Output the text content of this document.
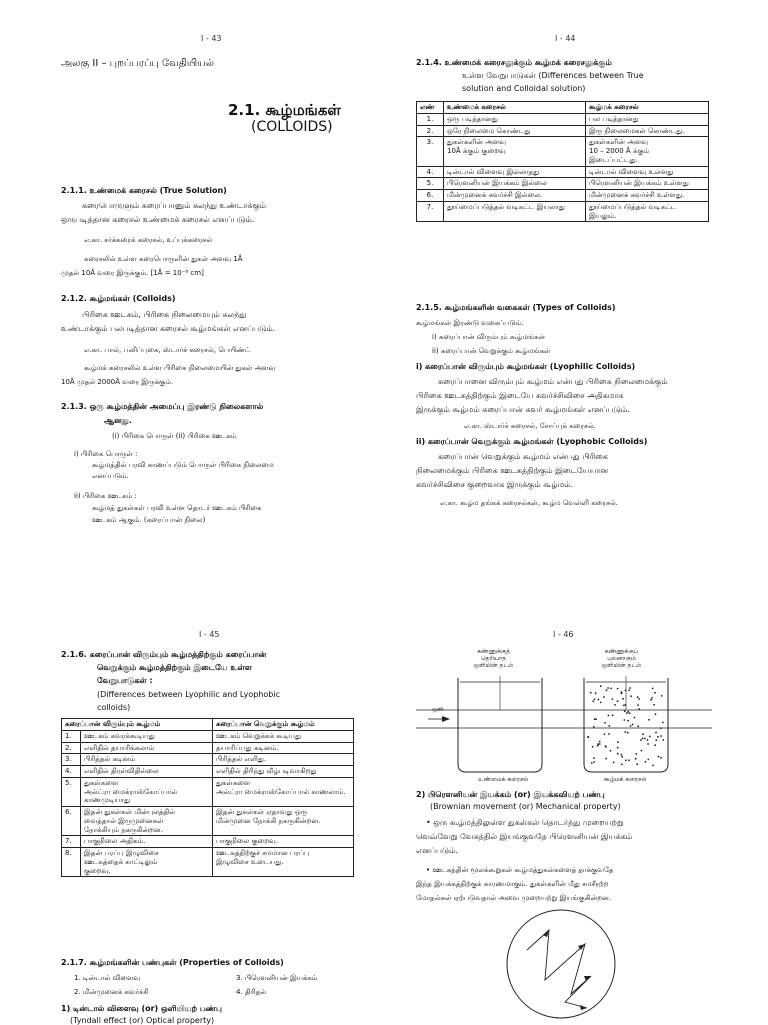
I - 43
அலகு II – புறப்பரப்பு வேதியியல்
2.1. கூழ்மங்கள்
(COLLOIDS)
2.1.1. உண்மைக் கரைசல் (True Solution)
கரைபொருளும் கரைப்பானும் கலந்து உண்டாக்கும்
ஒருபடித்தான கரைசல் உண்மைக் கரைசல் எனப்படும்.
எ.கா. சர்க்கரைக் கரைசல், உப்புக்கரைசல்
கரைசலில் உள்ள கரைபொருளின் துகள் அளவு 1Å
முதல் 10Å வரை இருக்கும். [1Å = 10⁻⁸ cm]
2.1.2. கூழ்மங்கள் (Colloids)
பிரிகை ஊடகம், பிரிகை நிலைமையும் கலந்து
உண்டாக்கும் பலபடித்தான கரைசல் கூழ்மங்கள் எனப்படும்.
எ.கா. பால், பனிப்புகை, ஸ்டார்ச் கரைசல், பெயிண்ட்
கூழ்மக் கரைசலில் உள்ள பிரிகை நிலைமையின் துகள் அளவு
10Å முதல் 2000Å வரை இருக்கும்.
2.1.3. ஒரு கூழ்மத்தின் அமைப்பு இரண்டு நிலைகளால்
ஆனது.
(i) பிரிகை பொருள் (ii) பிரிகை ஊடகம்
i) பிரிகை பொருள் :
கூழ்மத்தில் பரவி காணப்படும் பொருள் பிரிகை நிலைமை
எனப்படும்.
ii) பிரிகை ஊடகம் :
கூழ்மத் துகள்கள் பரவி உள்ள தொடர் ஊடகம் பிரிகை
ஊடகம் ஆகும். (கரைப்பான் நிலை)
I - 44
2.1.4. உண்மைக் கரைசலுக்கும் கூழ்மக் கரைசலுக்கும்
உள்ள வேறுபாடுகள் (Differences between True
solution and Colloidal solution)
எண்	உண்மைக் கரைசல்	கூழ்மக் கரைசல்
1.	ஒரு படித்தானது	பல படித்தானது
2.	ஒரே நிலைமை கொண்டது	இரு நிலைமைகள் கொண்டது.
3.	துகள்களின் அளவு
10Å க்கும் குறைவு	துகள்களின் அளவு
10 – 2000 Å க்கும்
இடைப்பட்டது.
4.	டின்டால் விளைவு இல்லாதது	டின்டால் விளைவு உள்ளது
5.	பிரௌனியன் இயக்கம் இல்லை	பிரௌனியன் இயக்கம் உள்ளது
6.	மின்முனைக் கவர்ச்சி இல்லை.	மின்முனைக் கவர்ச்சி உள்ளது.
7.	தூய்மைப்படுத்தல் வடிகட்ட இயலாது	தூய்மைப்படுத்தல் வடிகட்ட இயலும்.
2.1.5. கூழ்மங்களின் வகைகள் (Types of Colloids)
கூழ்மங்கள் இரண்டு வகைப்படும்.
i) கரைப்பான் விரும்பும் கூழ்மங்கள்
ii) கரைப்பான் வெறுக்கும் கூழ்மங்கள்
i) கரைப்பான் விரும்பும் கூழ்மங்கள் (Lyophilic Colloids)
கரைப்பானை விரும்பும் கூழ்மம் என்பது பிரிகை நிலைமைக்கும்
பிரிகை ஊடகத்திற்கும் இடையே கவர்ச்சிவிசை அதிகமாக
இருக்கும் கூழ்மம் கரைப்பான் கவர் கூழ்மங்கள் எனப்படும்.
எ.கா. ஸ்டார்ச் கரைசல், சோப்புக் கரைசல்.
ii) கரைப்பான் வெறுக்கும் கூழ்மங்கள் (Lyophobic Colloids)
கரைப்பான் வெறுக்கும் கூழ்மம் என்பது பிரிகை
நிலைமைக்கும் பிரிகை ஊடகத்திற்கும் இடையேயான
கவர்ச்சிவிசை குறைவாக இருக்கும் கூழ்மம்.
எ.கா. கூழ்ம தங்கக் கரைசல்கள், கூழ்ம வெள்ளி கரைசல்.
I - 45
2.1.6. கரைப்பான் விரும்பும் கூழ்மத்திற்கும் கரைப்பான்
வெறுக்கும் கூழ்மத்திற்கும் இடையே உள்ள
வேறுபாடுகள் :
(Differences between Lyophilic and Lyophobic
colloids)
கரைப்பான் விரும்பும் கூழ்மம்		கரைப்பான் வெறுக்கும் கூழ்மம்
1.	ஊடகம் கவரக்கூடியது	ஊடகம் வெறுக்கக் கூடியது
2.	எளிதில் தயாரிக்கலாம்	தயாரிப்பது கடினம்.
3.	பிரித்தல் கடினம்	பிரித்தல் எளிது.
4.	எளிதில் திரள்விதில்லை	எளிதில் திரிந்து வீழ்படிவாகிறது
5.	துகள்களை
அல்ட்ரா மைக்ராஸ்கோப்பால்
காணமுடியாது	துகள்களை
அல்ட்ரா மைக்ராஸ்கோப்பால் காணலாம்.
6.	இதன் துகள்கள் மின்புலத்தில்
வைத்தால் இருமுனைகள்
நோக்கியும் நகருகின்றன.	இதன் துகள்கள் ஏதாவது ஒரு
மின்முனை நோக்கி நகருகின்றன.
7.	பாகுநிலை அதிகம்.	பாகுநிலை குறைவு.
8.	இதன் பரப்பு இழுவிசை
ஊடகத்தைக் காட்டிலும்
குறைவு.	ஊடகத்திற்குச் சமமான பரப்பு
இழுவிசை உடையது.
2.1.7. கூழ்மங்களின் பண்புகள் (Properties of Colloids)
1. டின்டால் விளைவு
2. மின்முனைக் கவர்ச்சி
3. பிரௌனியன் இயக்கம்
4. திரிதல்
1) டின்டால் விளைவு (or) ஒளியியற் பண்பு
(Tyndall effect (or) Optical property)
I - 46
கண்ணுக்குத்
தெரியாத
ஒளியின் தடம்
கண்ணுக்குப்
புலனாகும்
ஒளியின் தடம்
ஒளி
உண்மைக் கரைசல்	கூழ்மக் கரைசல்
2) பிரௌனியன் இயக்கம் (or) இயக்கவியற் பண்பு
(Brownian movement (or) Mechanical property)
• ஒரு கூழ்மத்திலுள்ள துகள்கள் தொடர்ந்து முறையற்று
வெவ்வேறு வேகத்தில் இயங்குவதே பிரௌனியன் இயக்கம்
எனப்படும்.
• ஊடகத்தின் மூலக்கூறுகள் கூழ்மத்துகள்களைத் தாக்குவதே
இந்த இயக்கத்திற்குக் காரணமாகும். துகள்களின் மீது சமசீரற்ற
மோதல்கள் ஏற்படுவதால் அவை முறையற்று இயங்குகின்றன.
